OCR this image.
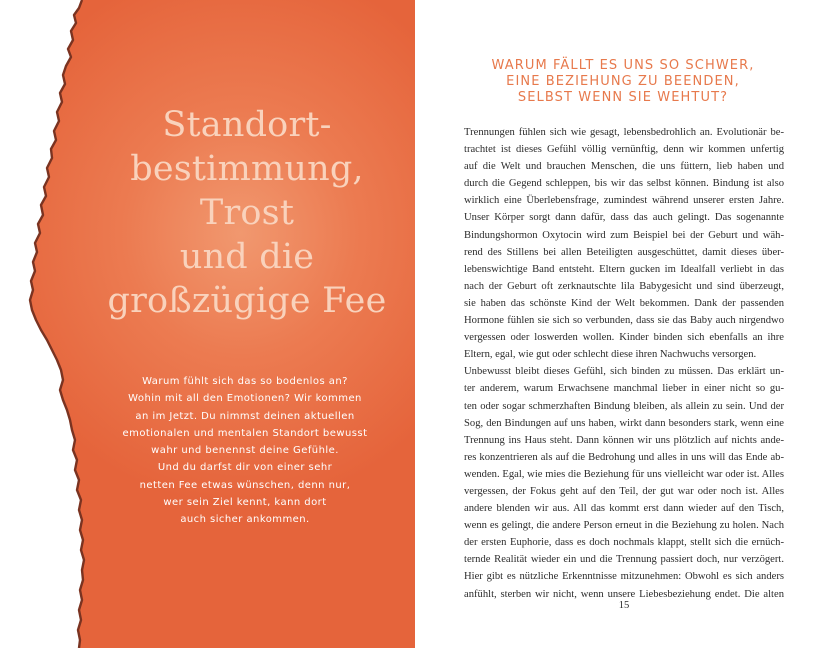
Standort-
bestimmung,
Trost
und die
großzügige Fee
Warum fühlt sich das so bodenlos an?
Wohin mit all den Emotionen? Wir kommen
an im Jetzt. Du nimmst deinen aktuellen
emotionalen und mentalen Standort bewusst
wahr und benennst deine Gefühle.
Und du darfst dir von einer sehr
netten Fee etwas wünschen, denn nur,
wer sein Ziel kennt, kann dort
auch sicher ankommen.
WARUM FÄLLT ES UNS SO SCHWER,
EINE BEZIEHUNG ZU BEENDEN,
SELBST WENN SIE WEHTUT?
Trennungen fühlen sich wie gesagt, lebensbedrohlich an. Evolutionär be-
trachtet ist dieses Gefühl völlig vernünftig, denn wir kommen unfertig
auf die Welt und brauchen Menschen, die uns füttern, lieb haben und
durch die Gegend schleppen, bis wir das selbst können. Bindung ist also
wirklich eine Überlebensfrage, zumindest während unserer ersten Jahre.
Unser Körper sorgt dann dafür, dass das auch gelingt. Das sogenannte
Bindungshormon Oxytocin wird zum Beispiel bei der Geburt und wäh-
rend des Stillens bei allen Beteiligten ausgeschüttet, damit dieses über-
lebenswichtige Band entsteht. Eltern gucken im Idealfall verliebt in das
nach der Geburt oft zerknautschte lila Babygesicht und sind überzeugt,
sie haben das schönste Kind der Welt bekommen. Dank der passenden
Hormone fühlen sie sich so verbunden, dass sie das Baby auch nirgendwo
vergessen oder loswerden wollen. Kinder binden sich ebenfalls an ihre
Eltern, egal, wie gut oder schlecht diese ihren Nachwuchs versorgen.
Unbewusst bleibt dieses Gefühl, sich binden zu müssen. Das erklärt un-
ter anderem, warum Erwachsene manchmal lieber in einer nicht so gu-
ten oder sogar schmerzhaften Bindung bleiben, als allein zu sein. Und der
Sog, den Bindungen auf uns haben, wirkt dann besonders stark, wenn eine
Trennung ins Haus steht. Dann können wir uns plötzlich auf nichts ande-
res konzentrieren als auf die Bedrohung und alles in uns will das Ende ab-
wenden. Egal, wie mies die Beziehung für uns vielleicht war oder ist. Alles
vergessen, der Fokus geht auf den Teil, der gut war oder noch ist. Alles
andere blenden wir aus. All das kommt erst dann wieder auf den Tisch,
wenn es gelingt, die andere Person erneut in die Beziehung zu holen. Nach
der ersten Euphorie, dass es doch nochmals klappt, stellt sich die ernüch-
ternde Realität wieder ein und die Trennung passiert doch, nur verzögert.
Hier gibt es nützliche Erkenntnisse mitzunehmen: Obwohl es sich anders
anfühlt, sterben wir nicht, wenn unsere Liebesbeziehung endet. Die alten
15
